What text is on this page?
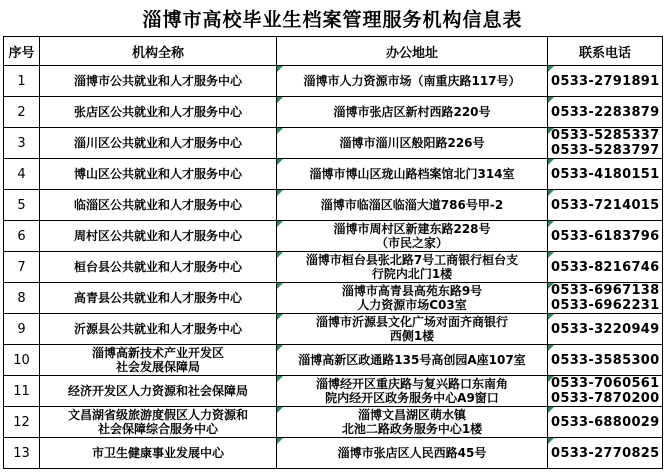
淄博市高校毕业生档案管理服务机构信息表
序号	机构全称	办公地址	联系电话
1	淄博市公共就业和人才服务中心	淄博市人力资源市场（南重庆路117号）	0533-2791891

2	张店区公共就业和人才服务中心	淄博市张店区新村西路220号	0533-2283879

3	淄川区公共就业和人才服务中心	淄博市淄川区般阳路226号	0533-5285337
0533-5283797

4	博山区公共就业和人才服务中心	淄博市博山区珑山路档案馆北门314室	0533-4180151

5	临淄区公共就业和人才服务中心	淄博市临淄区临淄大道786号甲-2	0533-7214015

6	周村区公共就业和人才服务中心	淄博市周村区新建东路228号
（市民之家）	0533-6183796

7	桓台县公共就业和人才服务中心	淄博市桓台县张北路7号工商银行桓台支
行院内北门1楼	0533-8216746

8	高青县公共就业和人才服务中心	淄博市高青县高苑东路9号
人力资源市场C03室	0533-6967138
0533-6962231

9	沂源县公共就业和人才服务中心	淄博市沂源县文化广场对面齐商银行
西侧1楼	0533-3220949

10	淄博高新技术产业开发区
社会发展保障局	淄博高新区政通路135号高创园A座107室	0533-3585300

11	经济开发区人力资源和社会保障局	淄博经开区重庆路与复兴路口东南角
院内经开区政务服务中心A9窗口	0533-7060561
0533-7870200

12	文昌湖省级旅游度假区人力资源和
社会保障综合服务中心	淄博文昌湖区萌水镇
北池二路政务服务中心1楼	0533-6880029

13	市卫生健康事业发展中心	淄博市张店区人民西路45号	0533-2770825
